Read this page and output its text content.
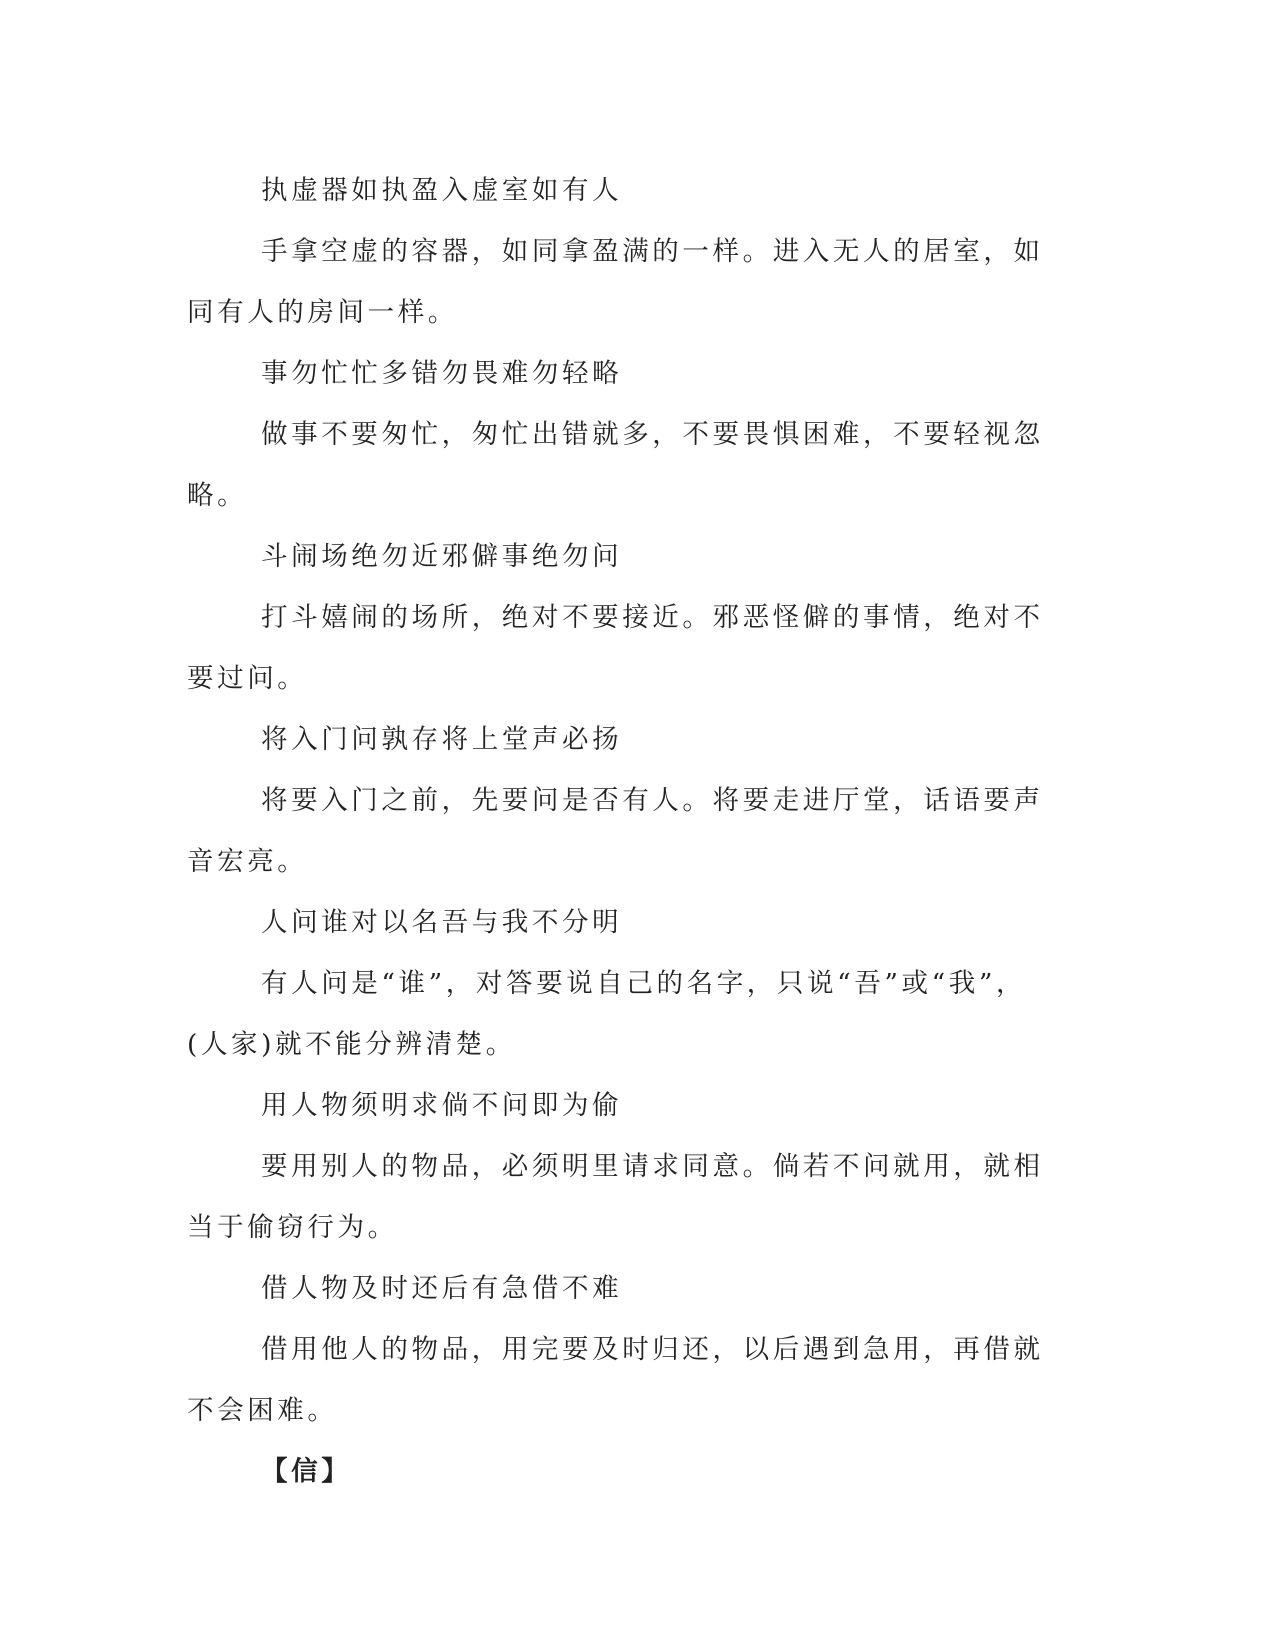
执虚器如执盈入虚室如有人

手拿空虚的容器，如同拿盈满的一样。进入无人的居室，如同有人的房间一样。

事勿忙忙多错勿畏难勿轻略

做事不要匆忙，匆忙出错就多，不要畏惧困难，不要轻视忽略。

斗闹场绝勿近邪僻事绝勿问

打斗嬉闹的场所，绝对不要接近。邪恶怪僻的事情，绝对不要过问。

将入门问孰存将上堂声必扬

将要入门之前，先要问是否有人。将要走进厅堂，话语要声音宏亮。

人问谁对以名吾与我不分明

有人问是“谁”，对答要说自己的名字，只说“吾”或“我”，(人家)就不能分辨清楚。

用人物须明求倘不问即为偷

要用别人的物品，必须明里请求同意。倘若不问就用，就相当于偷窃行为。

借人物及时还后有急借不难

借用他人的物品，用完要及时归还，以后遇到急用，再借就不会困难。

【信】
